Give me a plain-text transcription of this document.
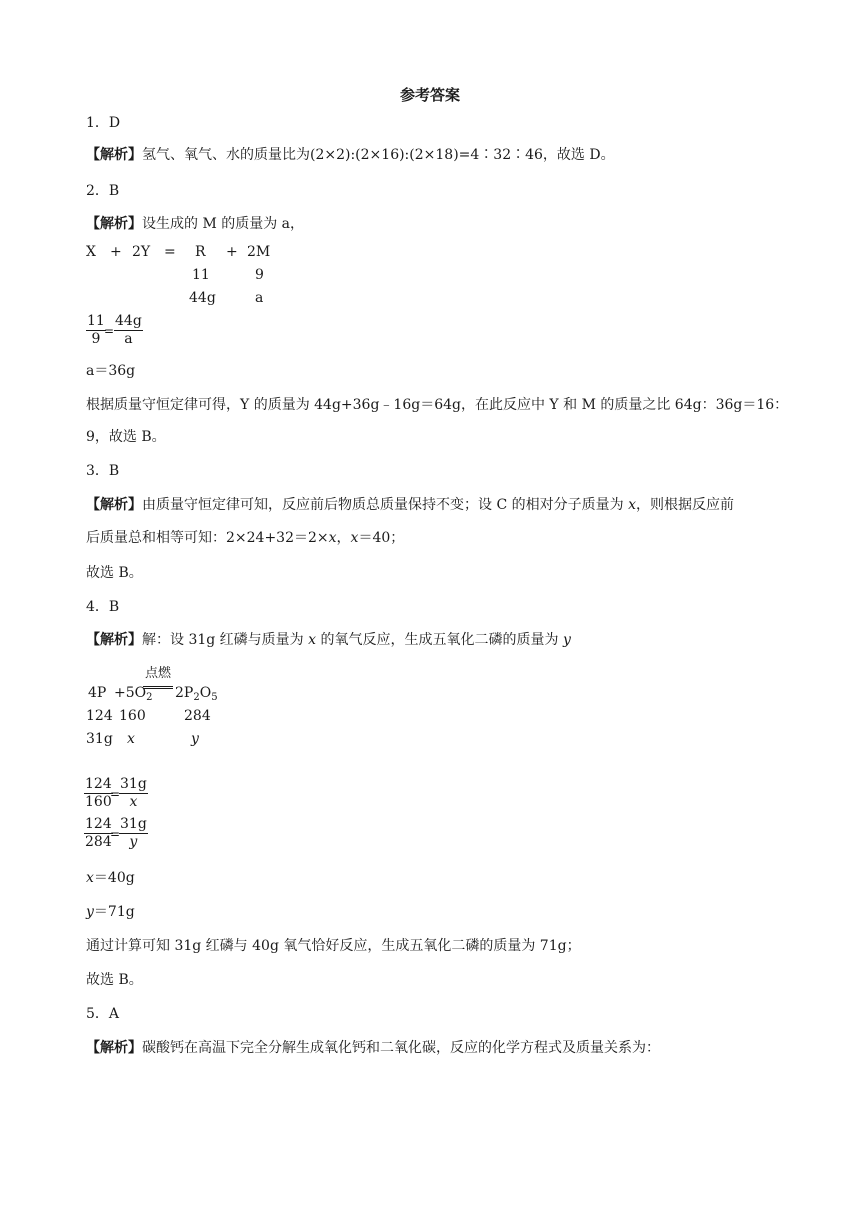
参考答案
1．D
【解析】氢气、氧气、水的质量比为(2×2):(2×16):(2×18)=4∶32∶46，故选 D。
2．B
【解析】设生成的 M 的质量为 a，
X + 2Y = R + 2M
11	9
44g	a
$\frac{11}{9}$
= $\frac{44g}{a}$
a＝36g
根据质量守恒定律可得，Y 的质量为 44g+36g﹣16g＝64g，在此反应中 Y 和 M 的质量之比 64g：36g＝16：
9，故选 B。
3．B
【解析】由质量守恒定律可知，反应前后物质总质量保持不变；设 C 的相对分子质量为 x，则根据反应前
后质量总和相等可知：2×24+32＝2×x，x＝40；
故选 B。
4．B
【解析】解：设 31g 红磷与质量为 x 的氧气反应，生成五氧化二磷的质量为 y
点燃
$4P +5O_2$ $2P_2O_5$
124 160	284
31g x	y
$\frac{124}{160}$
=
$\frac{31g}{x}$
$\frac{124}{284}$
=
$\frac{31g}{y}$
x＝40g
y＝71g
通过计算可知 31g 红磷与 40g 氧气恰好反应，生成五氧化二磷的质量为 71g；
故选 B。
5．A
【解析】碳酸钙在高温下完全分解生成氧化钙和二氧化碳，反应的化学方程式及质量关系为：
